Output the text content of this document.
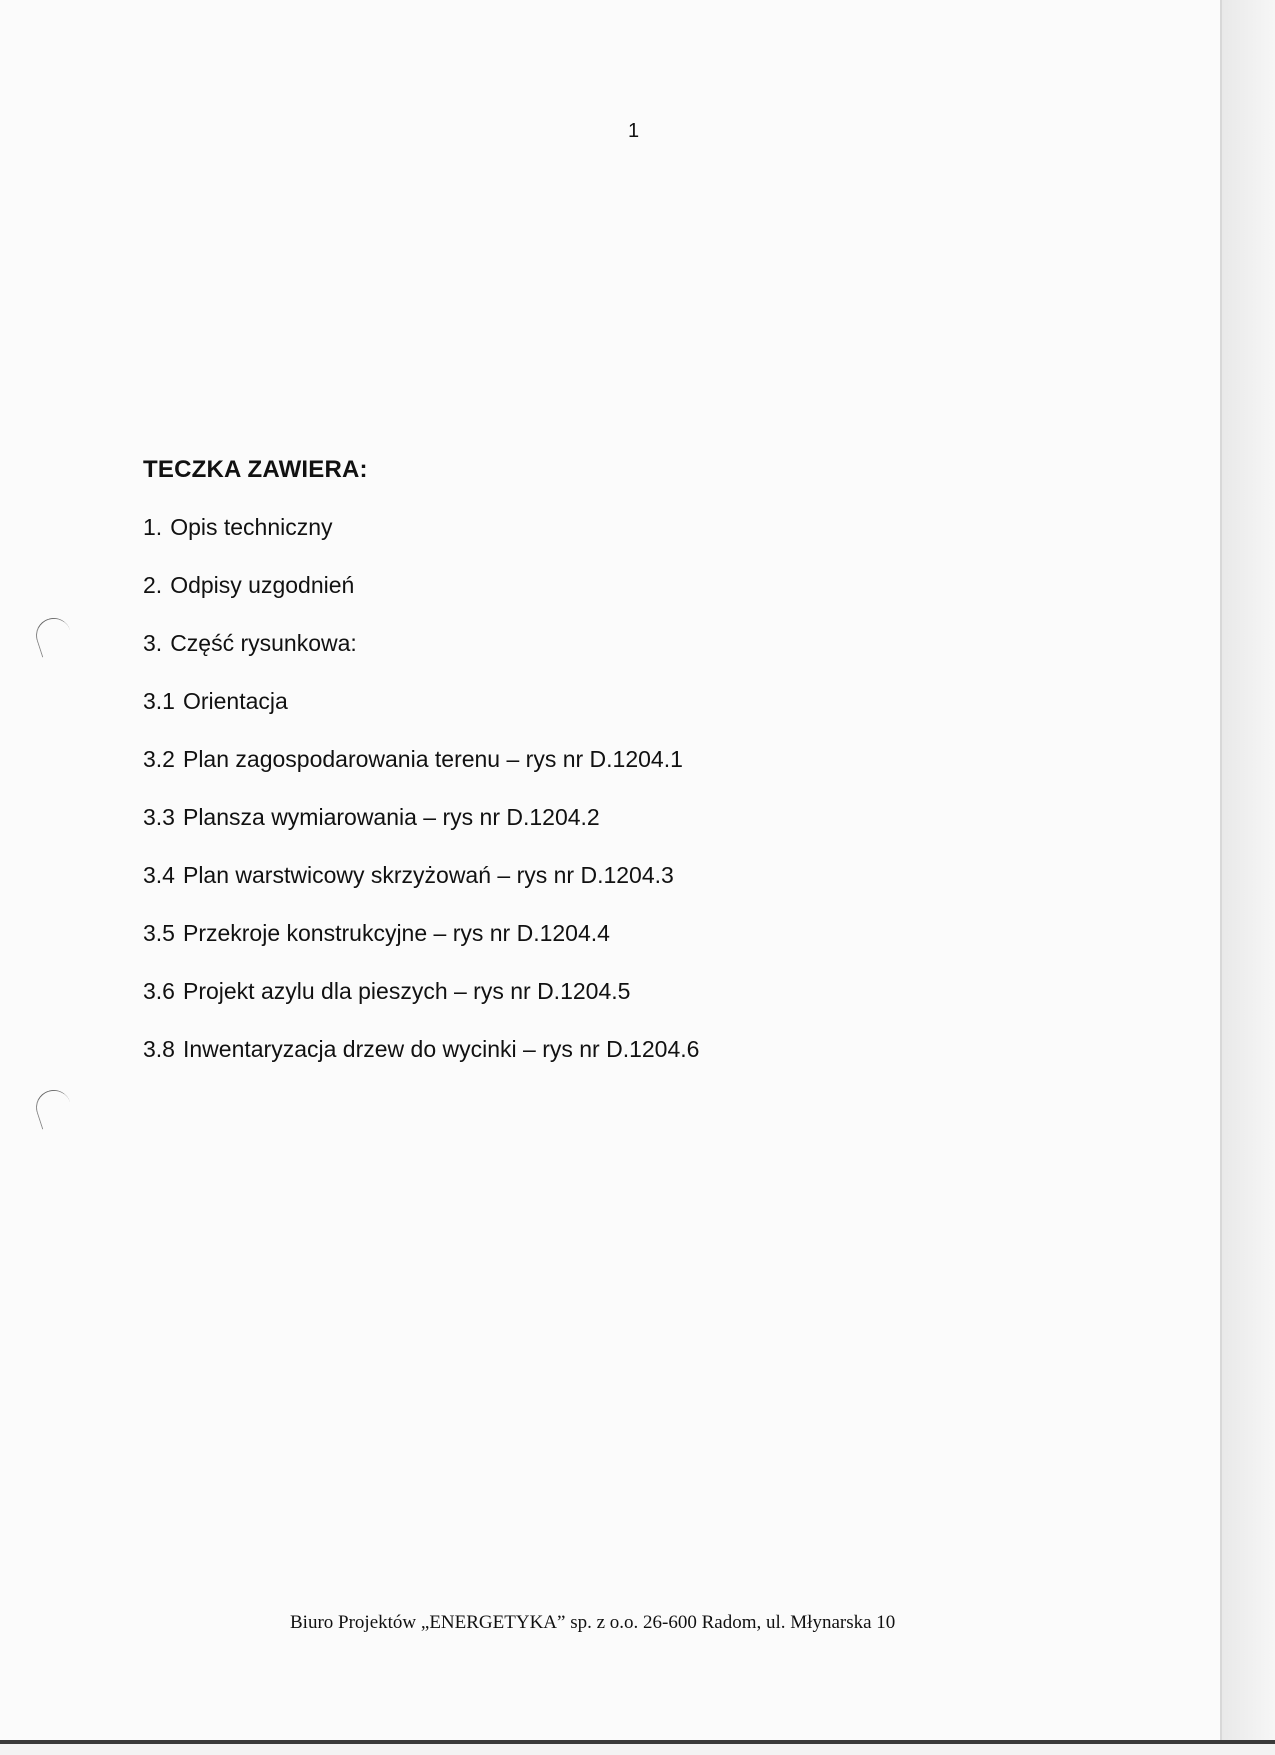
1
TECZKA ZAWIERA:
1. Opis techniczny
2. Odpisy uzgodnień
3. Część rysunkowa:
3.1 Orientacja
3.2 Plan zagospodarowania terenu – rys nr D.1204.1
3.3 Plansza wymiarowania – rys nr D.1204.2
3.4 Plan warstwicowy skrzyżowań – rys nr D.1204.3
3.5 Przekroje konstrukcyjne – rys nr D.1204.4
3.6 Projekt azylu dla pieszych – rys nr D.1204.5
3.8 Inwentaryzacja drzew do wycinki – rys nr D.1204.6
Biuro Projektów „ENERGETYKA” sp. z o.o. 26-600 Radom, ul. Młynarska 10
